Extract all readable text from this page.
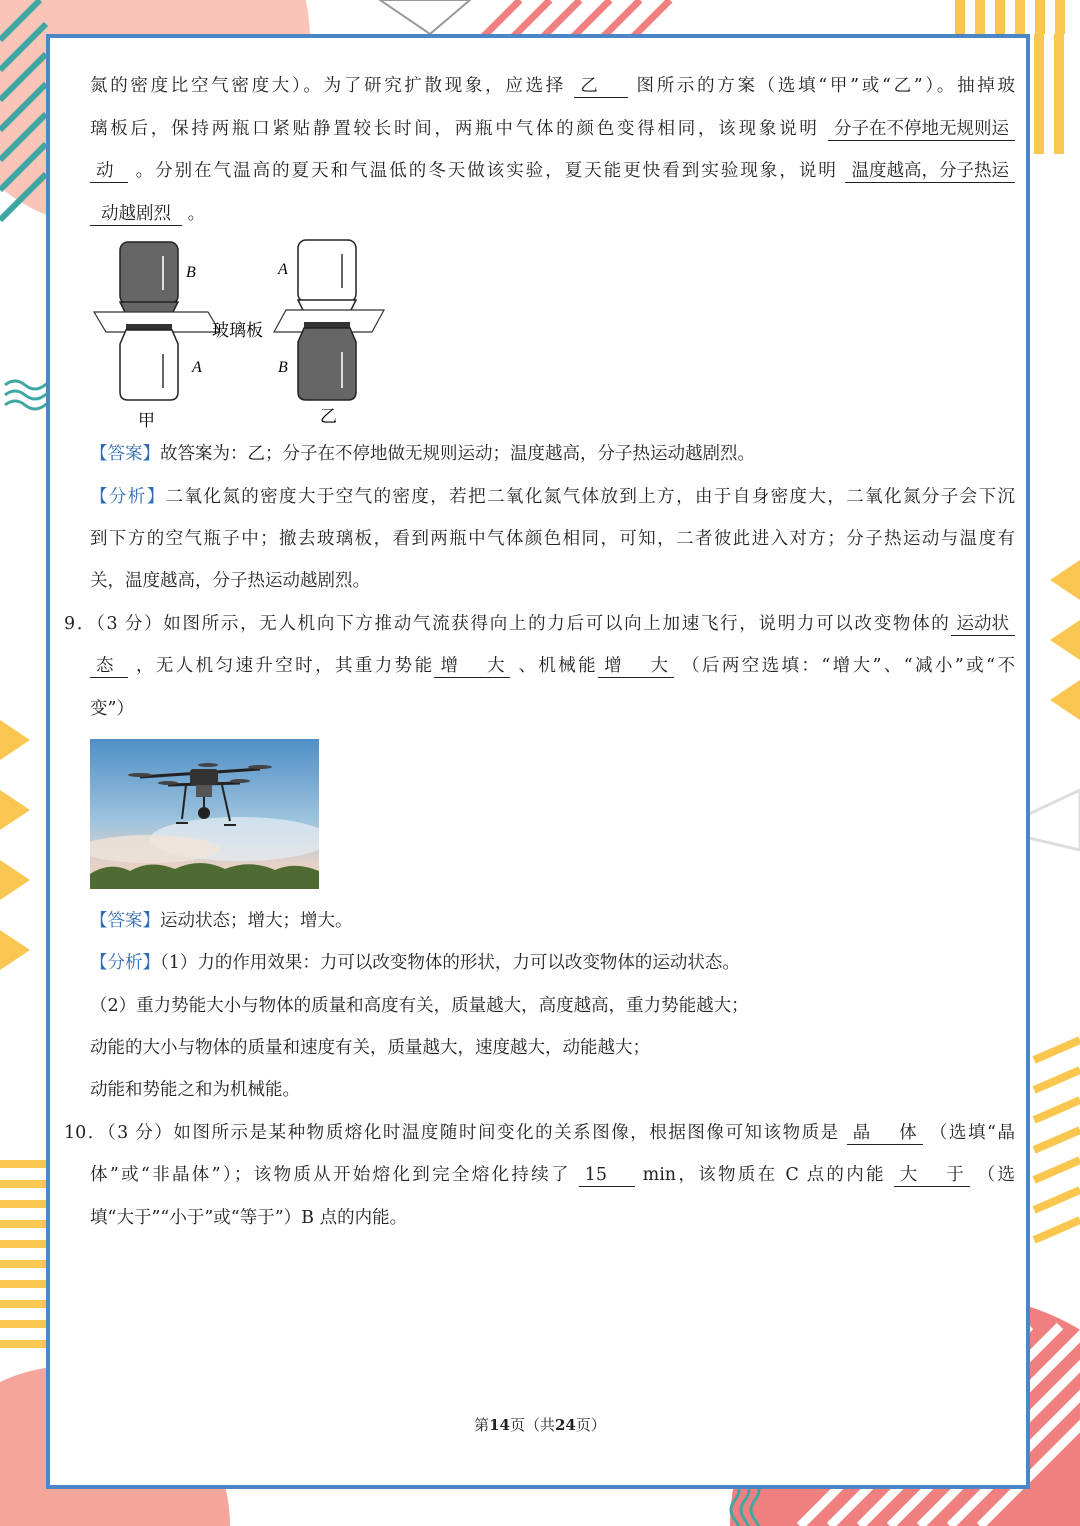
氮的密度比空气密度大）。为了研究扩散现象，应选择 乙 图所示的方案（选填“甲”或“乙”）。抽掉玻
璃板后，保持两瓶口紧贴静置较长时间，两瓶中气体的颜色变得相同，该现象说明 分子在不停地无规则运
动 。分别在气温高的夏天和气温低的冬天做该实验，夏天能更快看到实验现象，说明 温度越高，分子热运
动越剧烈 。
B
A
甲
玻璃板
A
B
乙
【答案】故答案为：乙；分子在不停地做无规则运动；温度越高，分子热运动越剧烈。
【分析】二氧化氮的密度大于空气的密度，若把二氧化氮气体放到上方，由于自身密度大，二氧化氮分子会下沉
到下方的空气瓶子中；撤去玻璃板，看到两瓶中气体颜色相同，可知，二者彼此进入对方；分子热运动与温度有
关，温度越高，分子热运动越剧烈。
9．（3 分）如图所示，无人机向下方推动气流获得向上的力后可以向上加速飞行，说明力可以改变物体的 运动状
态 ，无人机匀速升空时，其重力势能 增大 、机械能 增大 （后两空选填：“增大”、“减小”或“不
变”）
【答案】运动状态；增大；增大。
【分析】（1）力的作用效果：力可以改变物体的形状，力可以改变物体的运动状态。
（2）重力势能大小与物体的质量和高度有关，质量越大，高度越高，重力势能越大；
动能的大小与物体的质量和速度有关，质量越大，速度越大，动能越大；
动能和势能之和为机械能。
10．（3 分）如图所示是某种物质熔化时温度随时间变化的关系图像，根据图像可知该物质是 晶体 （选填“晶
体”或“非晶体”）；该物质从开始熔化到完全熔化持续了 15 min，该物质在 C 点的内能 大于 （选
填“大于”“小于”或“等于”）B 点的内能。
第14页（共24页）
